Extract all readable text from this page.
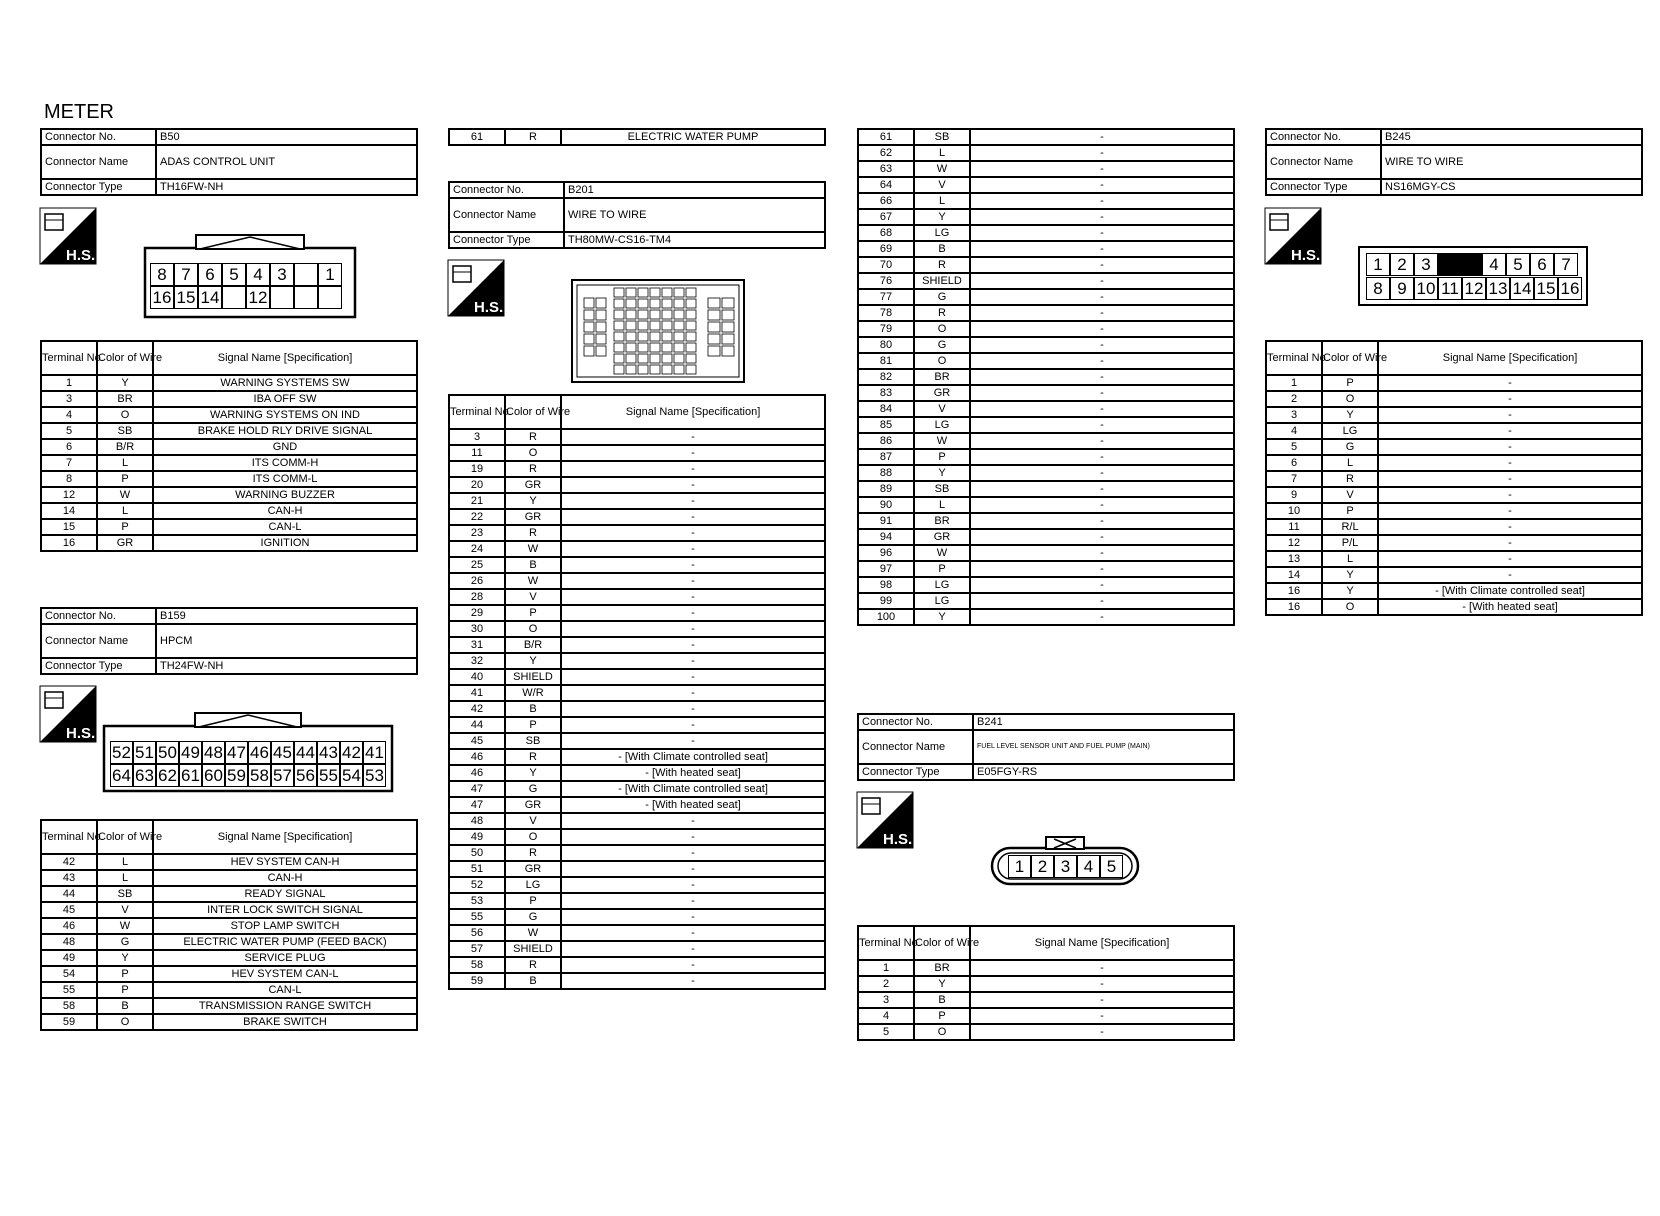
METER
Connector No.	B50
Connector Name	ADAS CONTROL UNIT
Connector Type	TH16FW-NH
H.S.
8 7 6 5 4 3	1
16 15 14 12
Terminal No.	Color of Wire	Signal Name [Specification]
1	Y	WARNING SYSTEMS SW
3	BR	IBA OFF SW
4	O	WARNING SYSTEMS ON IND
5	SB	BRAKE HOLD RLY DRIVE SIGNAL
6	B/R	GND
7	L	ITS COMM-H
8	P	ITS COMM-L
12	W	WARNING BUZZER
14	L	CAN-H
15	P	CAN-L
16	GR	IGNITION
Connector No.	B159
Connector Name	HPCM
Connector Type	TH24FW-NH
H.S.
52 51 50 49 48 47 46 45 44 43 42 41
64 63 62 61 60 59 58 57 56 55 54 53
Terminal No.	Color of Wire	Signal Name [Specification]
42	L	HEV SYSTEM CAN-H
43	L	CAN-H
44	SB	READY SIGNAL
45	V	INTER LOCK SWITCH SIGNAL
46	W	STOP LAMP SWITCH
48	G	ELECTRIC WATER PUMP (FEED BACK)
49	Y	SERVICE PLUG
54	P	HEV SYSTEM CAN-L
55	P	CAN-L
58	B	TRANSMISSION RANGE SWITCH
59	O	BRAKE SWITCH
61	R	ELECTRIC WATER PUMP
Connector No.	B201
Connector Name	WIRE TO WIRE
Connector Type	TH80MW-CS16-TM4
H.S.
Terminal No.	Color of Wire	Signal Name [Specification]
3	R	-
11	O	-
19	R	-
20	GR	-
21	Y	-
22	GR	-
23	R	-
24	W	-
25	B	-
26	W	-
28	V	-
29	P	-
30	O	-
31	B/R	-
32	Y	-
40	SHIELD	-
41	W/R	-
42	B	-
44	P	-
45	SB	-
46	R	- [With Climate controlled seat]
46	Y	- [With heated seat]
47	G	- [With Climate controlled seat]
47	GR	- [With heated seat]
48	V	-
49	O	-
50	R	-
51	GR	-
52	LG	-
53	P	-
55	G	-
56	W	-
57	SHIELD	-
58	R	-
59	B	-
61	SB	-
62	L	-
63	W	-
64	V	-
66	L	-
67	Y	-
68	LG	-
69	B	-
70	R	-
76	SHIELD	-
77	G	-
78	R	-
79	O	-
80	G	-
81	O	-
82	BR	-
83	GR	-
84	V	-
85	LG	-
86	W	-
87	P	-
88	Y	-
89	SB	-
90	L	-
91	BR	-
94	GR	-
96	W	-
97	P	-
98	LG	-
99	LG	-
100	Y	-
Connector No.	B241
Connector Name	FUEL LEVEL SENSOR UNIT AND FUEL PUMP (MAIN)
Connector Type	E05FGY-RS
H.S.
1 2 3 4 5
Terminal No.	Color of Wire	Signal Name [Specification]
1	BR	-
2	Y	-
3	B	-
4	P	-
5	O	-
Connector No.	B245
Connector Name	WIRE TO WIRE
Connector Type	NS16MGY-CS
H.S.	1 2 3	4 5 6 7
8 9 10 11 12 13 14 15 16
Terminal No.	Color of Wire	Signal Name [Specification]
1	P	-
2	O	-
3	Y	-
4	LG	-
5	G	-
6	L	-
7	R	-
9	V	-
10	P	-
11	R/L	-
12	P/L	-
13	L	-
14	Y	-
16	Y	- [With Climate controlled seat]
16	O	- [With heated seat]
